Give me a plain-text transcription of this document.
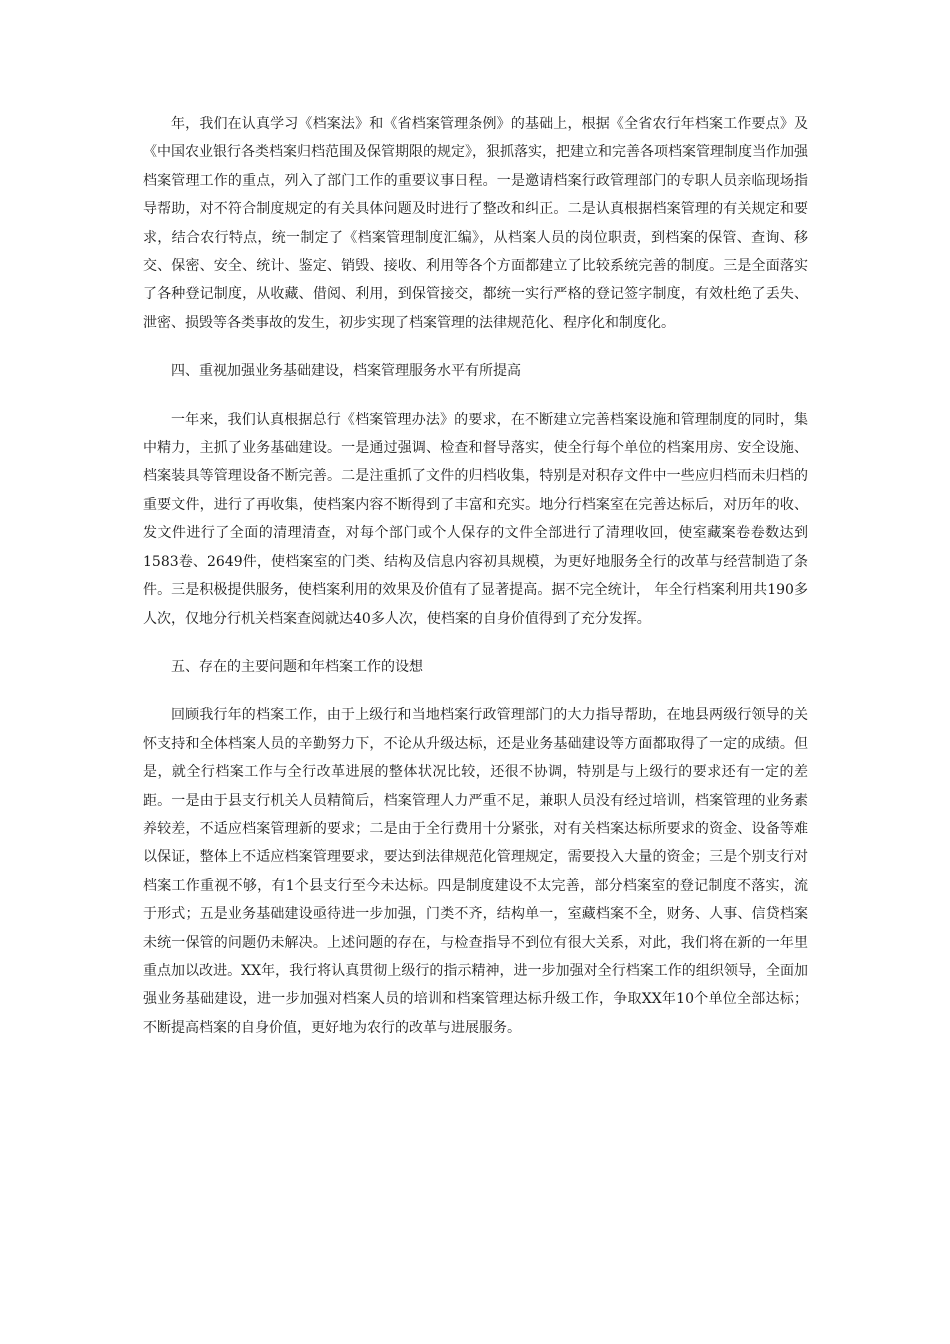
年，我们在认真学习《档案法》和《省档案管理条例》的基础上，根据《全省农行年档案工作要点》及《中国农业银行各类档案归档范围及保管期限的规定》，狠抓落实，把建立和完善各项档案管理制度当作加强档案管理工作的重点，列入了部门工作的重要议事日程。一是邀请档案行政管理部门的专职人员亲临现场指导帮助，对不符合制度规定的有关具体问题及时进行了整改和纠正。二是认真根据档案管理的有关规定和要求，结合农行特点，统一制定了《档案管理制度汇编》，从档案人员的岗位职责，到档案的保管、查询、移交、保密、安全、统计、鉴定、销毁、接收、利用等各个方面都建立了比较系统完善的制度。三是全面落实了各种登记制度，从收藏、借阅、利用，到保管接交，都统一实行严格的登记签字制度，有效杜绝了丢失、泄密、损毁等各类事故的发生，初步实现了档案管理的法律规范化、程序化和制度化。

四、重视加强业务基础建设，档案管理服务水平有所提高

一年来，我们认真根据总行《档案管理办法》的要求，在不断建立完善档案设施和管理制度的同时，集中精力，主抓了业务基础建设。一是通过强调、检查和督导落实，使全行每个单位的档案用房、安全设施、档案装具等管理设备不断完善。二是注重抓了文件的归档收集，特别是对积存文件中一些应归档而未归档的重要文件，进行了再收集，使档案内容不断得到了丰富和充实。地分行档案室在完善达标后，对历年的收、发文件进行了全面的清理清查，对每个部门或个人保存的文件全部进行了清理收回，使室藏案卷卷数达到1583卷、2649件，使档案室的门类、结构及信息内容初具规模，为更好地服务全行的改革与经营制造了条件。三是积极提供服务，使档案利用的效果及价值有了显著提高。据不完全统计， 年全行档案利用共190多人次，仅地分行机关档案查阅就达40多人次，使档案的自身价值得到了充分发挥。

五、存在的主要问题和年档案工作的设想

回顾我行年的档案工作，由于上级行和当地档案行政管理部门的大力指导帮助，在地县两级行领导的关怀支持和全体档案人员的辛勤努力下，不论从升级达标，还是业务基础建设等方面都取得了一定的成绩。但是，就全行档案工作与全行改革进展的整体状况比较，还很不协调，特别是与上级行的要求还有一定的差距。一是由于县支行机关人员精简后，档案管理人力严重不足，兼职人员没有经过培训，档案管理的业务素养较差，不适应档案管理新的要求；二是由于全行费用十分紧张，对有关档案达标所要求的资金、设备等难以保证，整体上不适应档案管理要求，要达到法律规范化管理规定，需要投入大量的资金；三是个别支行对档案工作重视不够，有1个县支行至今未达标。四是制度建设不太完善，部分档案室的登记制度不落实，流于形式；五是业务基础建设亟待进一步加强，门类不齐，结构单一，室藏档案不全，财务、人事、信贷档案未统一保管的问题仍未解决。上述问题的存在，与检查指导不到位有很大关系，对此，我们将在新的一年里重点加以改进。XX年，我行将认真贯彻上级行的指示精神，进一步加强对全行档案工作的组织领导，全面加强业务基础建设，进一步加强对档案人员的培训和档案管理达标升级工作，争取XX年10个单位全部达标；不断提高档案的自身价值，更好地为农行的改革与进展服务。
